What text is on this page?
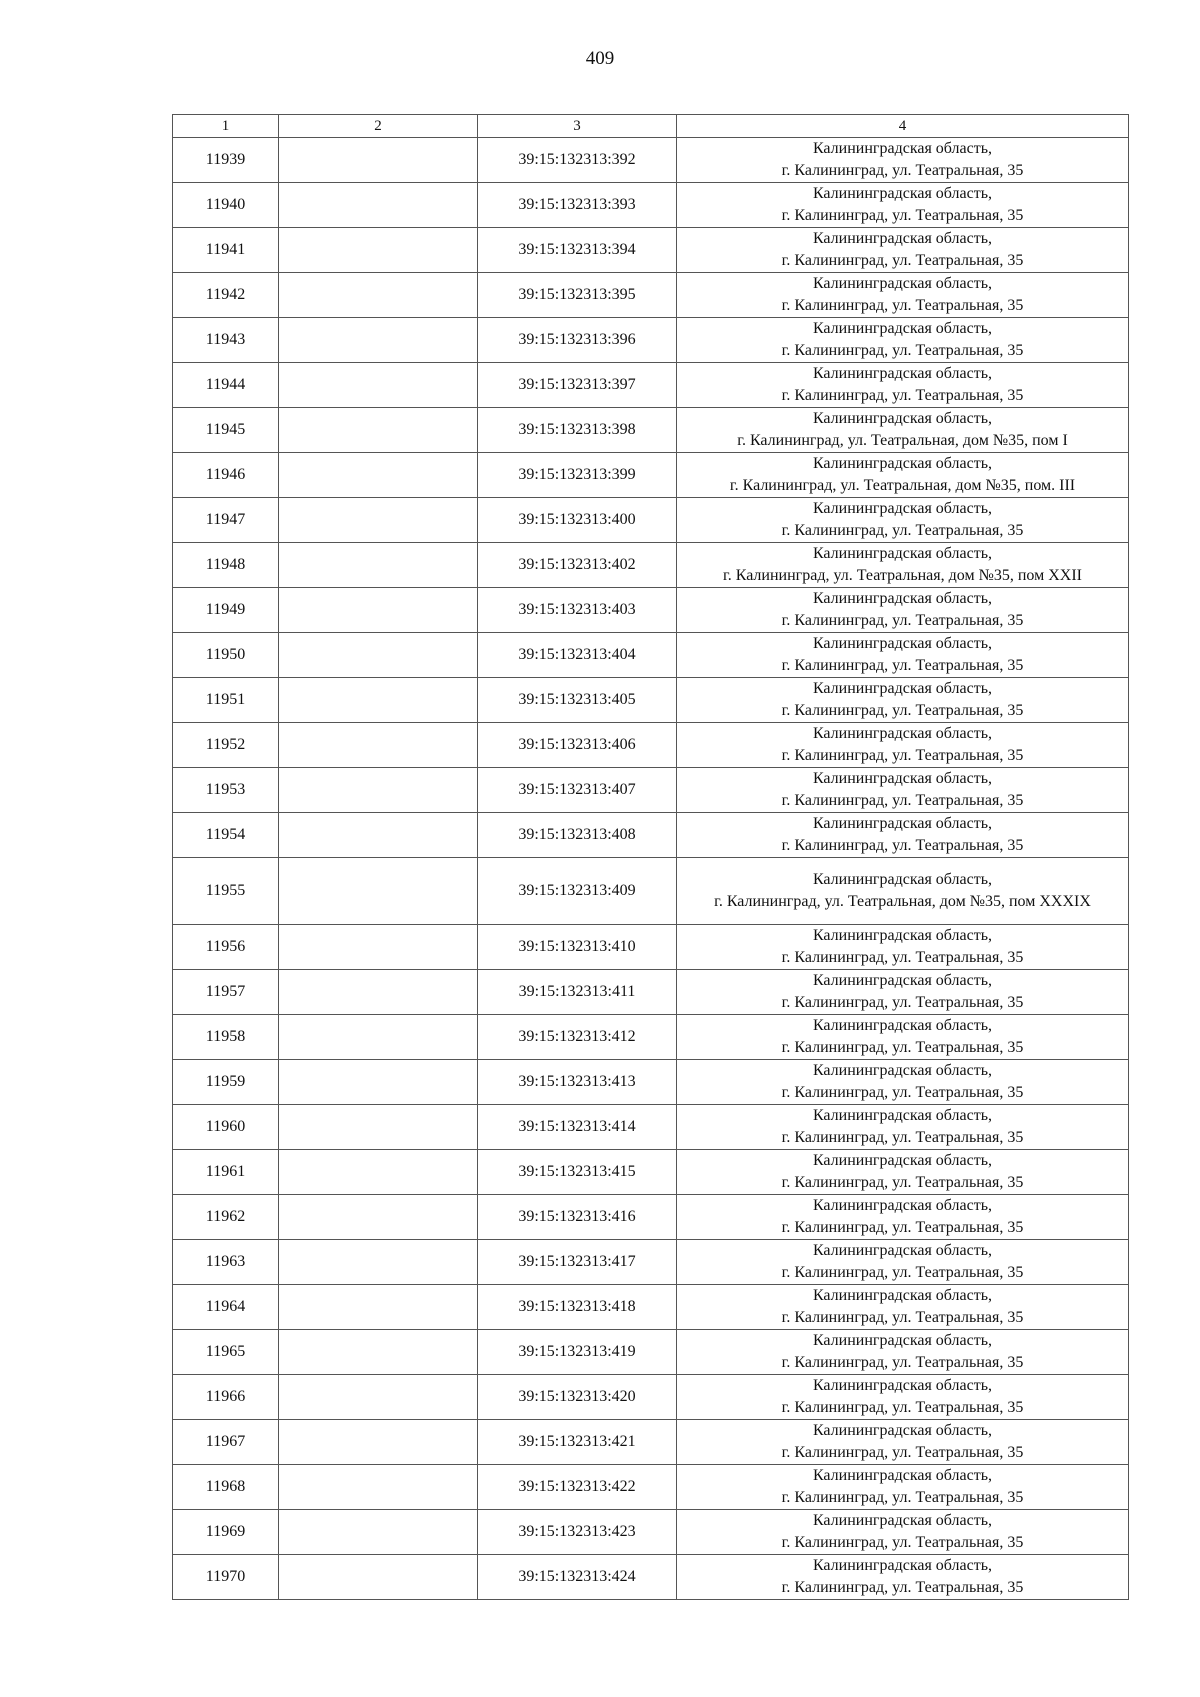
409
1	2	3	4
11939		39:15:132313:392	Калининградская область,
г. Калининград, ул. Театральная, 35

11940		39:15:132313:393	Калининградская область,
г. Калининград, ул. Театральная, 35

11941		39:15:132313:394	Калининградская область,
г. Калининград, ул. Театральная, 35

11942		39:15:132313:395	Калининградская область,
г. Калининград, ул. Театральная, 35

11943		39:15:132313:396	Калининградская область,
г. Калининград, ул. Театральная, 35

11944		39:15:132313:397	Калининградская область,
г. Калининград, ул. Театральная, 35

11945		39:15:132313:398	Калининградская область,
г. Калининград, ул. Театральная, дом №35, пом I

11946		39:15:132313:399	Калининградская область,
г. Калининград, ул. Театральная, дом №35, пом. III

11947		39:15:132313:400	Калининградская область,
г. Калининград, ул. Театральная, 35

11948		39:15:132313:402	Калининградская область,
г. Калининград, ул. Театральная, дом №35, пом XXII

11949		39:15:132313:403	Калининградская область,
г. Калининград, ул. Театральная, 35

11950		39:15:132313:404	Калининградская область,
г. Калининград, ул. Театральная, 35

11951		39:15:132313:405	Калининградская область,
г. Калининград, ул. Театральная, 35

11952		39:15:132313:406	Калининградская область,
г. Калининград, ул. Театральная, 35

11953		39:15:132313:407	Калининградская область,
г. Калининград, ул. Театральная, 35

11954		39:15:132313:408	Калининградская область,
г. Калининград, ул. Театральная, 35

11955		39:15:132313:409	Калининградская область,
г. Калининград, ул. Театральная, дом №35, пом XXXIX

11956		39:15:132313:410	Калининградская область,
г. Калининград, ул. Театральная, 35

11957		39:15:132313:411	Калининградская область,
г. Калининград, ул. Театральная, 35

11958		39:15:132313:412	Калининградская область,
г. Калининград, ул. Театральная, 35

11959		39:15:132313:413	Калининградская область,
г. Калининград, ул. Театральная, 35

11960		39:15:132313:414	Калининградская область,
г. Калининград, ул. Театральная, 35

11961		39:15:132313:415	Калининградская область,
г. Калининград, ул. Театральная, 35

11962		39:15:132313:416	Калининградская область,
г. Калининград, ул. Театральная, 35

11963		39:15:132313:417	Калининградская область,
г. Калининград, ул. Театральная, 35

11964		39:15:132313:418	Калининградская область,
г. Калининград, ул. Театральная, 35

11965		39:15:132313:419	Калининградская область,
г. Калининград, ул. Театральная, 35

11966		39:15:132313:420	Калининградская область,
г. Калининград, ул. Театральная, 35

11967		39:15:132313:421	Калининградская область,
г. Калининград, ул. Театральная, 35

11968		39:15:132313:422	Калининградская область,
г. Калининград, ул. Театральная, 35

11969		39:15:132313:423	Калининградская область,
г. Калининград, ул. Театральная, 35

11970		39:15:132313:424	Калининградская область,
г. Калининград, ул. Театральная, 35
